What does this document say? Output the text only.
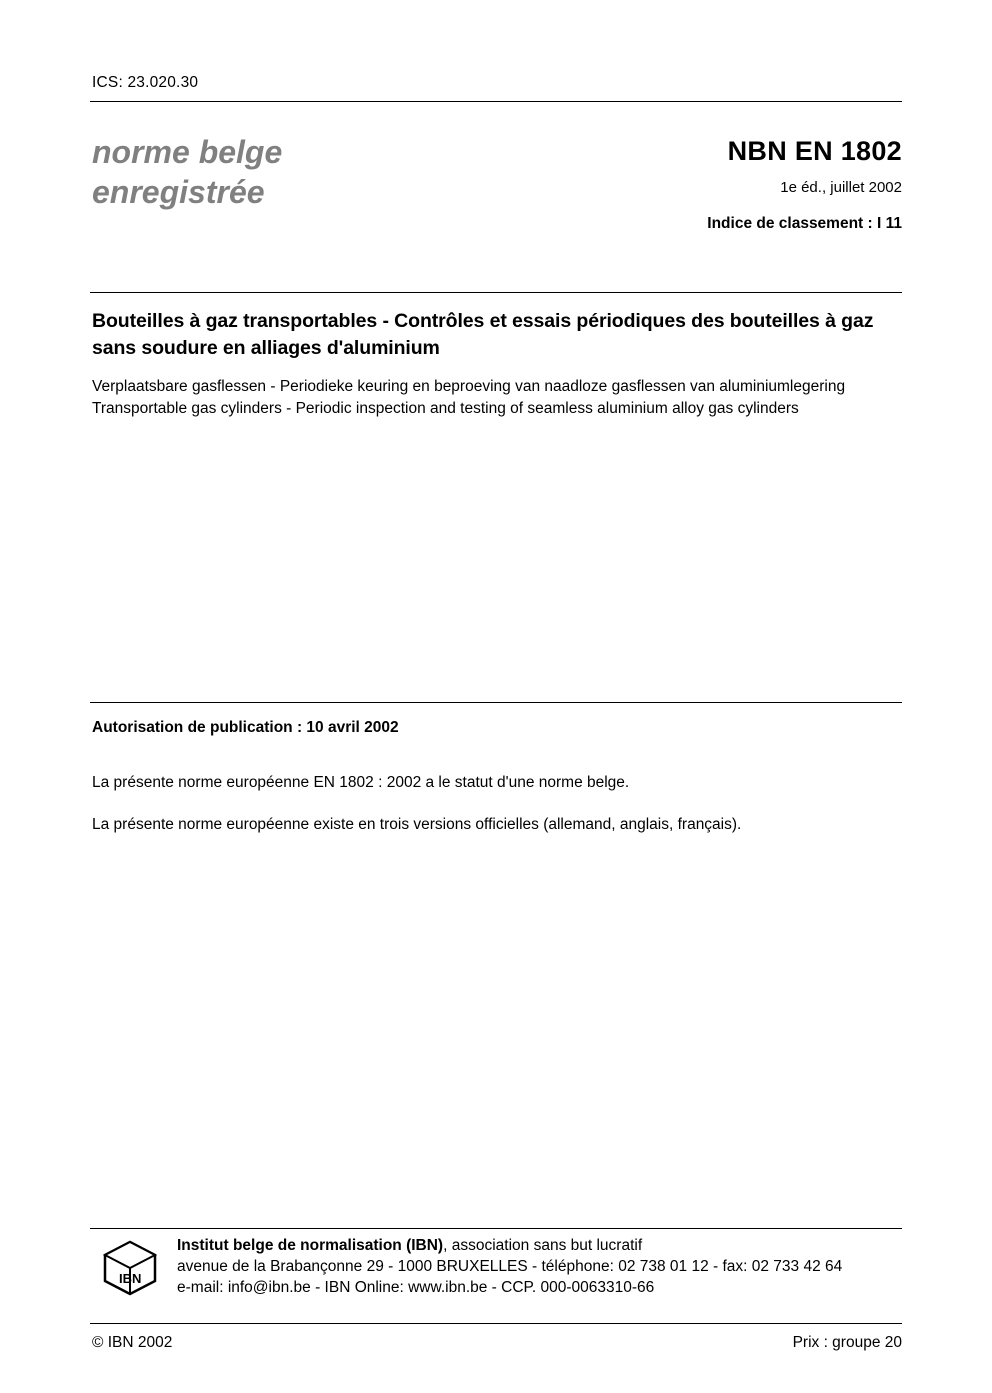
ICS: 23.020.30
norme belge
enregistrée
NBN EN 1802
1e éd., juillet 2002
Indice de classement : I 11
Bouteilles à gaz transportables - Contrôles et essais périodiques des bouteilles à gaz sans soudure en alliages d'aluminium
Verplaatsbare gasflessen - Periodieke keuring en beproeving van naadloze gasflessen van aluminiumlegering
Transportable gas cylinders - Periodic inspection and testing of seamless aluminium alloy gas cylinders
Autorisation de publication : 10 avril 2002
La présente norme européenne EN 1802 : 2002 a le statut d'une norme belge.
La présente norme européenne existe en trois versions officielles (allemand, anglais, français).
IBN
Institut belge de normalisation (IBN), association sans but lucratif
avenue de la Brabançonne 29 - 1000 BRUXELLES - téléphone: 02 738 01 12 - fax: 02 733 42 64
e-mail: info@ibn.be - IBN Online: www.ibn.be - CCP. 000-0063310-66
© IBN 2002	Prix : groupe 20
